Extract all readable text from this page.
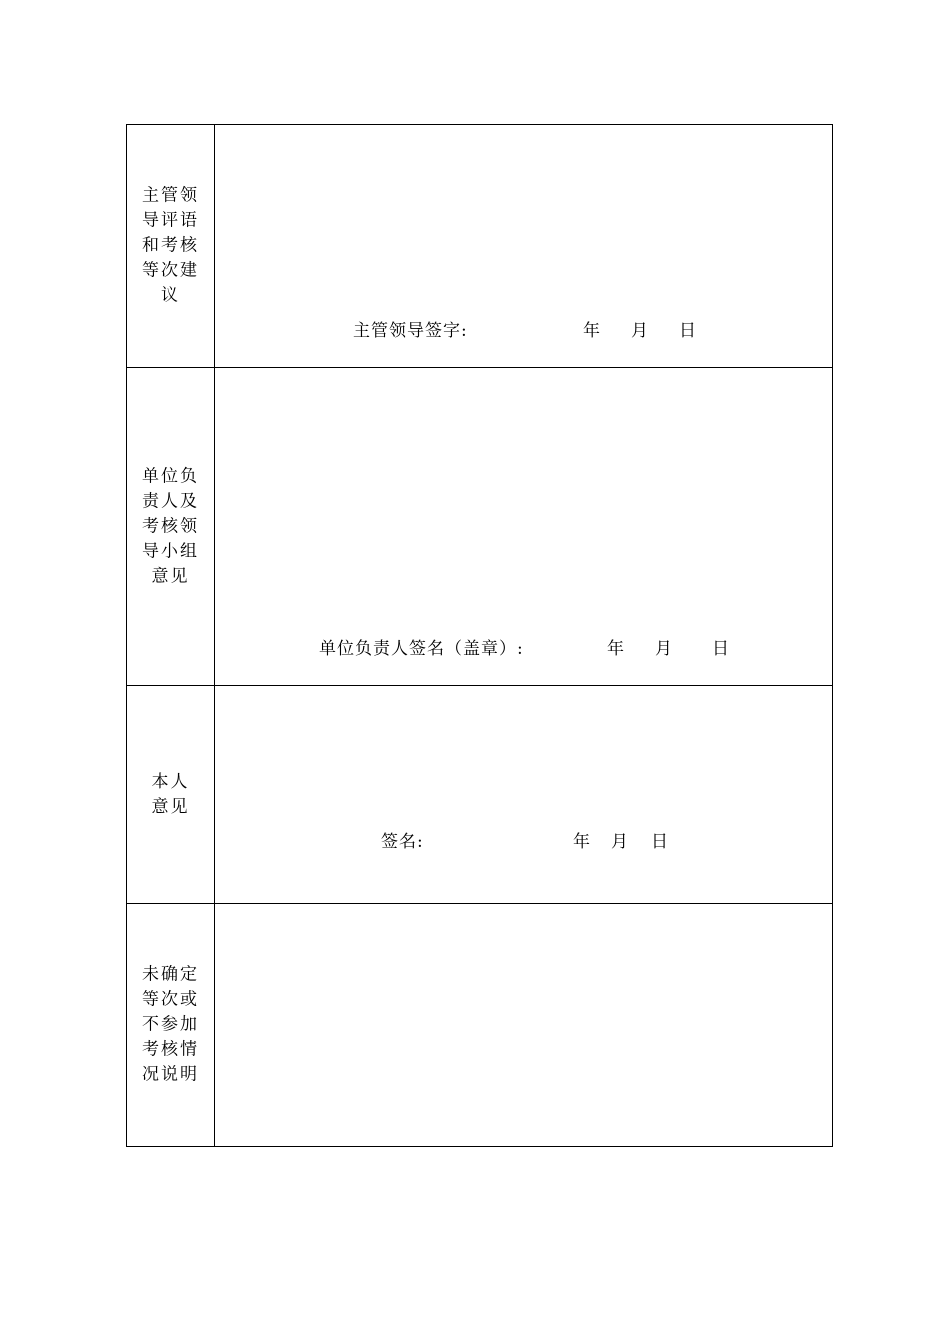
主管领导评语和考核等次建议	主管领导签字: 年 月 日

单位负责人及考核领导小组意见	单位负责人签名（盖章）: 年 月 日

本人意见	签名: 年 月 日

未确定等次或不参加考核情况说明	
